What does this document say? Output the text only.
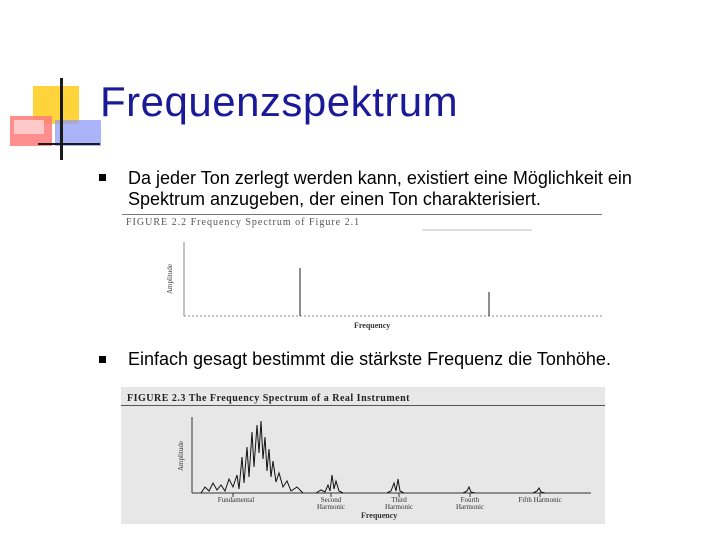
Frequenzspektrum
Da jeder Ton zerlegt werden kann, existiert eine Möglichkeit ein Spektrum anzugeben, der einen Ton charakterisiert.
FIGURE 2.2 Frequency Spectrum of Figure 2.1
Amplitude
Frequency
Einfach gesagt bestimmt die stärkste Frequenz die Tonhöhe.
FIGURE 2.3 The Frequency Spectrum of a Real Instrument
Amplitude
Fundamental	Second Harmonic
Third Harmonic
Fourth Harmonic
Fifth Harmonic
Frequency
